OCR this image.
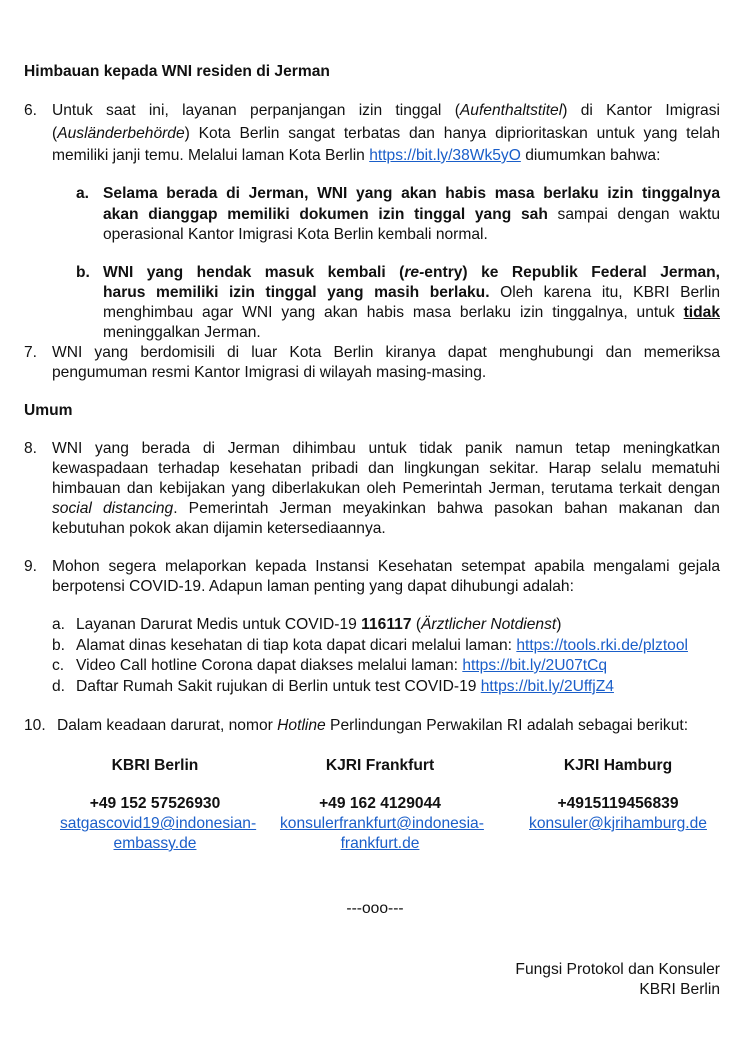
Himbauan kepada WNI residen di Jerman
6. Untuk saat ini, layanan perpanjangan izin tinggal (Aufenthaltstitel) di Kantor Imigrasi
(Ausländerbehörde) Kota Berlin sangat terbatas dan hanya diprioritaskan untuk yang telah
memiliki janji temu. Melalui laman Kota Berlin https://bit.ly/38Wk5yO diumumkan bahwa:
a. Selama berada di Jerman, WNI yang akan habis masa berlaku izin tinggalnya
akan dianggap memiliki dokumen izin tinggal yang sah sampai dengan waktu
operasional Kantor Imigrasi Kota Berlin kembali normal.
b. WNI yang hendak masuk kembali (re-entry) ke Republik Federal Jerman,
harus memiliki izin tinggal yang masih berlaku. Oleh karena itu, KBRI Berlin
menghimbau agar WNI yang akan habis masa berlaku izin tinggalnya, untuk tidak
meninggalkan Jerman.
7. WNI yang berdomisili di luar Kota Berlin kiranya dapat menghubungi dan memeriksa
pengumuman resmi Kantor Imigrasi di wilayah masing-masing.
Umum
8. WNI yang berada di Jerman dihimbau untuk tidak panik namun tetap meningkatkan
kewaspadaan terhadap kesehatan pribadi dan lingkungan sekitar. Harap selalu mematuhi
himbauan dan kebijakan yang diberlakukan oleh Pemerintah Jerman, terutama terkait dengan
social distancing. Pemerintah Jerman meyakinkan bahwa pasokan bahan makanan dan
kebutuhan pokok akan dijamin ketersediaannya.
9. Mohon segera melaporkan kepada Instansi Kesehatan setempat apabila mengalami gejala
berpotensi COVID-19. Adapun laman penting yang dapat dihubungi adalah:
a. Layanan Darurat Medis untuk COVID-19 116117 (Ärztlicher Notdienst)
b. Alamat dinas kesehatan di tiap kota dapat dicari melalui laman: https://tools.rki.de/plztool
c. Video Call hotline Corona dapat diakses melalui laman: https://bit.ly/2U07tCq
d. Daftar Rumah Sakit rujukan di Berlin untuk test COVID-19 https://bit.ly/2UffjZ4
10. Dalam keadaan darurat, nomor Hotline Perlindungan Perwakilan RI adalah sebagai berikut:
KBRI Berlin
+49 152 57526930
satgascovid19@indonesian-
embassy.de
KJRI Frankfurt
+49 162 4129044
konsulerfrankfurt@indonesia-
frankfurt.de
KJRI Hamburg
+4915119456839
konsuler@kjrihamburg.de
---ooo---
Fungsi Protokol dan Konsuler
KBRI Berlin
